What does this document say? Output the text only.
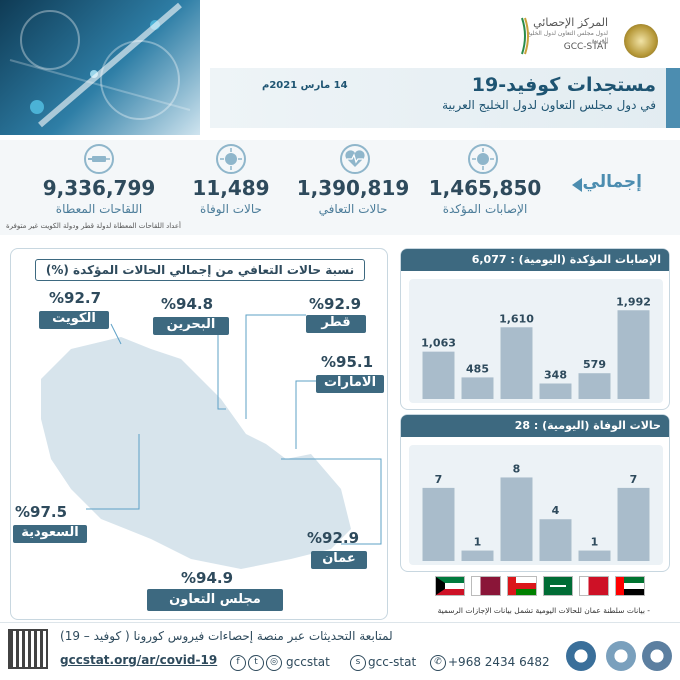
مستجدات كوفيد-19
في دول مجلس التعاون لدول الخليج العربية
14 مارس 2021م
المركز الإحصائي
لدول مجلس التعاون لدول الخليج العربية
GCC-STAT
إجمالي
1,465,850
الإصابات المؤكدة
1,390,819
حالات التعافي
11,489
حالات الوفاة
9,336,799
اللقاحات المعطاة
أعداد اللقاحات المعطاة لدولة قطر ودولة الكويت غير متوفرة
نسبة حالات التعافي من إجمالي الحالات المؤكدة (%)
%92.7
الكويت
%94.8
البحرين
%92.9
قطر
%95.1
الامارات
%97.5
السعودية	%92.9
عمان
%94.9
مجلس التعاون
الإصابات المؤكدة (اليومية) : 6,077
1,063
485
1,610
348
579
1,992
حالات الوفاة (اليومية) : 28
7
1
8
4
1
7
- بيانات سلطنة عمان للحالات اليومية تشمل بيانات الإجازات الرسمية
لمتابعة التحديثات عبر منصة إحصاءات فيروس كورونا ( كوفيد – 19)
gccstat.org/ar/covid-19	f	t	◎ gccstat	s gcc-stat	✆ +968 2434 6482
